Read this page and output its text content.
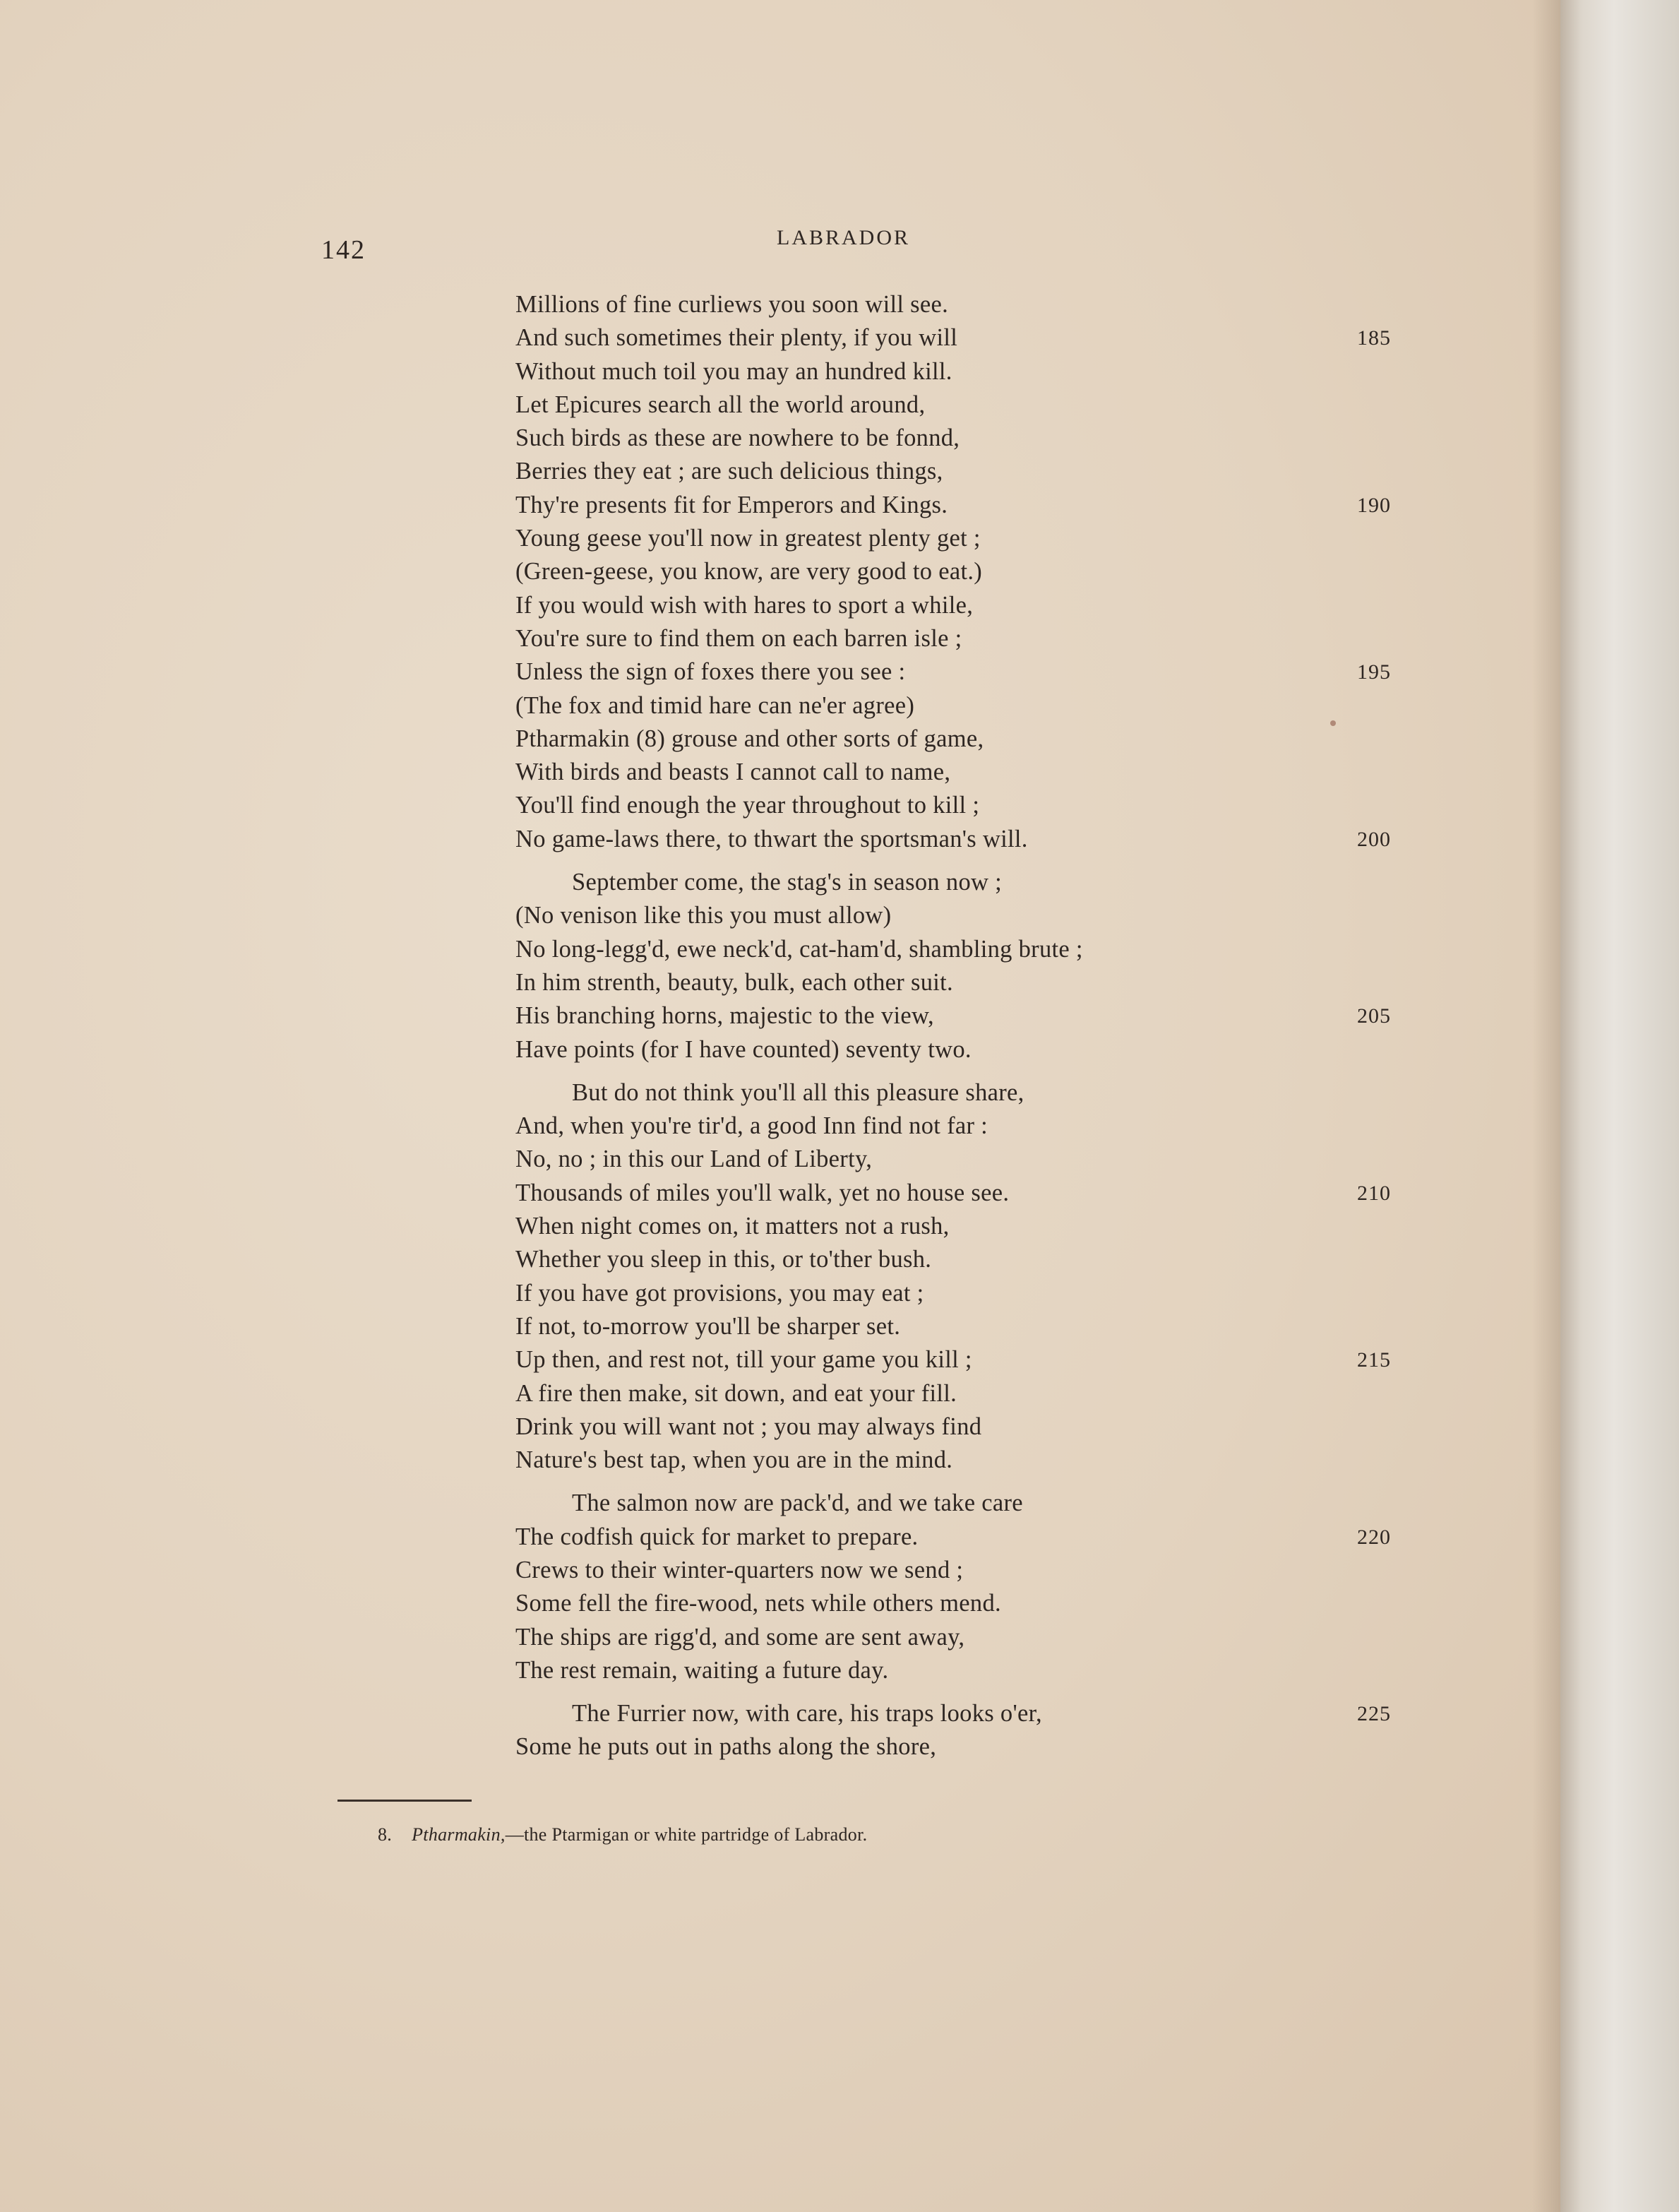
142	LABRADOR
Millions of fine curliews you soon will see.
And such sometimes their plenty, if you will	185
Without much toil you may an hundred kill.
Let Epicures search all the world around,
Such birds as these are nowhere to be fonnd,
Berries they eat ; are such delicious things,
Thy're presents fit for Emperors and Kings.	190
Young geese you'll now in greatest plenty get ;
(Green-geese, you know, are very good to eat.)
If you would wish with hares to sport a while,
You're sure to find them on each barren isle ;
Unless the sign of foxes there you see :	195
(The fox and timid hare can ne'er agree)
Ptharmakin (8) grouse and other sorts of game,
With birds and beasts I cannot call to name,
You'll find enough the year throughout to kill ;
No game-laws there, to thwart the sportsman's will.	200
September come, the stag's in season now ;
(No venison like this you must allow)
No long-legg'd, ewe neck'd, cat-ham'd, shambling brute ;
In him strenth, beauty, bulk, each other suit.
His branching horns, majestic to the view,	205
Have points (for I have counted) seventy two.
But do not think you'll all this pleasure share,
And, when you're tir'd, a good Inn find not far :
No, no ; in this our Land of Liberty,
Thousands of miles you'll walk, yet no house see.	210
When night comes on, it matters not a rush,
Whether you sleep in this, or to'ther bush.
If you have got provisions, you may eat ;
If not, to-morrow you'll be sharper set.
Up then, and rest not, till your game you kill ;	215
A fire then make, sit down, and eat your fill.
Drink you will want not ; you may always find
Nature's best tap, when you are in the mind.
The salmon now are pack'd, and we take care
The codfish quick for market to prepare.	220
Crews to their winter-quarters now we send ;
Some fell the fire-wood, nets while others mend.
The ships are rigg'd, and some are sent away,
The rest remain, waiting a future day.
The Furrier now, with care, his traps looks o'er,	225
Some he puts out in paths along the shore,
8. Ptharmakin,—the Ptarmigan or white partridge of Labrador.
